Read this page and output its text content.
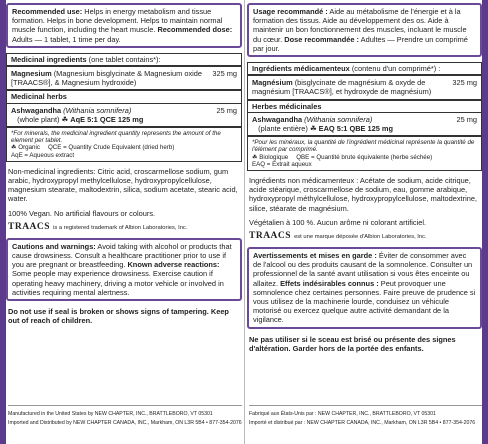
Recommended use: Helps in energy metabolism and tissue formation. Helps in bone development. Helps to maintain normal muscle function, including the heart muscle. Recommended dose: Adults — 1 tablet, 1 time per day.
Medicinal ingredients (one tablet contains*):
Magnesium (Magnesium bisglycinate & Magnesium oxide [TRAACS®], & Magnesium hydroxide)
325 mg
Medicinal herbs
Ashwagandha (Withania somnifera)
(whole plant) ☘ AqE 5:1 QCE 125 mg
25 mg
*For minerals, the medicinal ingredient quantity represents the amount of the element per tablet.
☘ Organic QCE = Quantity Crude Equivalent (dried herb)
AqE = Aqueous extract
Non-medicinal ingredients: Citric acid, croscarmellose sodium, gum arabic, hydroxypropyl methylcellulose, hydroxypropylcellulose, magnesium stearate, maltodextrin, silica, sodium acetate, stearic acid, water.
100% Vegan. No artificial flavours or colours.
TRAACS is a registered trademark of Albion Laboratories, Inc.
Cautions and warnings: Avoid taking with alcohol or products that cause drowsiness. Consult a healthcare practitioner prior to use if you are pregnant or breastfeeding. Known adverse reactions: Some people may experience drowsiness. Exercise caution if operating heavy machinery, driving a motor vehicle or involved in activities requiring mental alertness.
Do not use if seal is broken or shows signs of tampering. Keep out of reach of children.
Manufactured in the United States by NEW CHAPTER, INC., BRATTLEBORO, VT 05301
Imported and Distributed by NEW CHAPTER CANADA, INC., Markham, ON L3R 5B4 • 877-354-2076
Usage recommandé : Aide au métabolisme de l'énergie et à la formation des tissus. Aide au développement des os. Aide à maintenir un bon fonctionnement des muscles, incluant le muscle du cœur. Dose recommandée : Adultes — Prendre un comprimé par jour.
Ingrédients médicamenteux (contenu d'un comprimé*) :
Magnésium (bisglycinate de magnésium & oxyde de magnésium [TRAACS®], et hydroxyde de magnésium)
325 mg
Herbes médicinales
Ashwagandha (Withania somnifera)
(plante entière) ☘ EAQ 5:1 QBE 125 mg
25 mg
*Pour les minéraux, la quantité de l'ingrédient médicinal représente la quantité de l'élément par comprimé.
☘ Biologique QBE = Quantité brute équivalente (herbe séchée)
EAQ = Extrait aqueux
Ingrédients non médicamenteux : Acétate de sodium, acide citrique, acide stéarique, croscarmellose de sodium, eau, gomme arabique, hydroxypropyl méthylcellulose, hydroxypropylcellulose, maltodextrine, silice, stéarate de magnésium.
Végétalien à 100 %. Aucun arôme ni colorant artificiel.
TRAACS est une marque déposée d'Albion Laboratories, Inc.
Avertissements et mises en garde : Éviter de consommer avec de l'alcool ou des produits causant de la somnolence. Consulter un professionnel de la santé avant utilisation si vous êtes enceinte ou allaitez. Effets indésirables connus : Peut provoquer une somnolence chez certaines personnes. Faire preuve de prudence si vous utilisez de la machinerie lourde, conduisez un véhicule motorisé ou exercez quelque autre activité demandant de la vigilance.
Ne pas utiliser si le sceau est brisé ou présente des signes d'altération. Garder hors de la portée des enfants.
Fabriqué aux États-Unis par : NEW CHAPTER, INC., BRATTLEBORO, VT 05301
Importé et distribué par : NEW CHAPTER CANADA, INC., Markham, ON L3R 5B4 • 877-354-2076
